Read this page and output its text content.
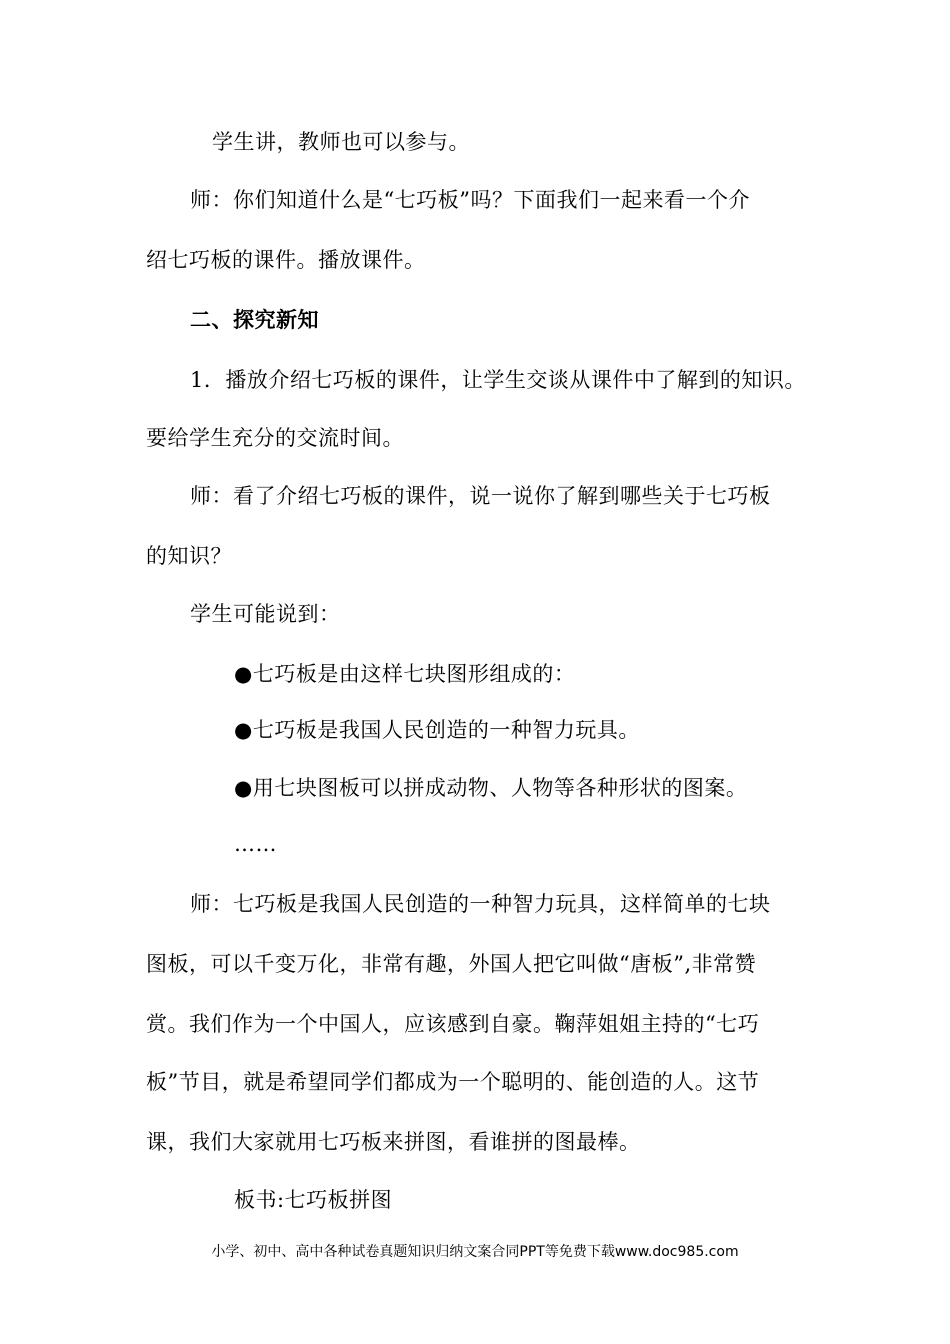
学生讲，教师也可以参与。
师：你们知道什么是“七巧板”吗？下面我们一起来看一个介
绍七巧板的课件。播放课件。
二、探究新知
1．播放介绍七巧板的课件，让学生交谈从课件中了解到的知识。
要给学生充分的交流时间。
师：看了介绍七巧板的课件，说一说你了解到哪些关于七巧板
的知识？
学生可能说到：
●七巧板是由这样七块图形组成的：
●七巧板是我国人民创造的一种智力玩具。
●用七块图板可以拼成动物、人物等各种形状的图案。
……
师：七巧板是我国人民创造的一种智力玩具，这样简单的七块
图板，可以千变万化，非常有趣，外国人把它叫做“唐板”,非常赞
赏。我们作为一个中国人，应该感到自豪。鞠萍姐姐主持的“七巧
板”节目，就是希望同学们都成为一个聪明的、能创造的人。这节
课，我们大家就用七巧板来拼图，看谁拼的图最棒。
板书:七巧板拼图
小学、初中、高中各种试卷真题知识归纳文案合同PPT等免费下载www.doc985.com
